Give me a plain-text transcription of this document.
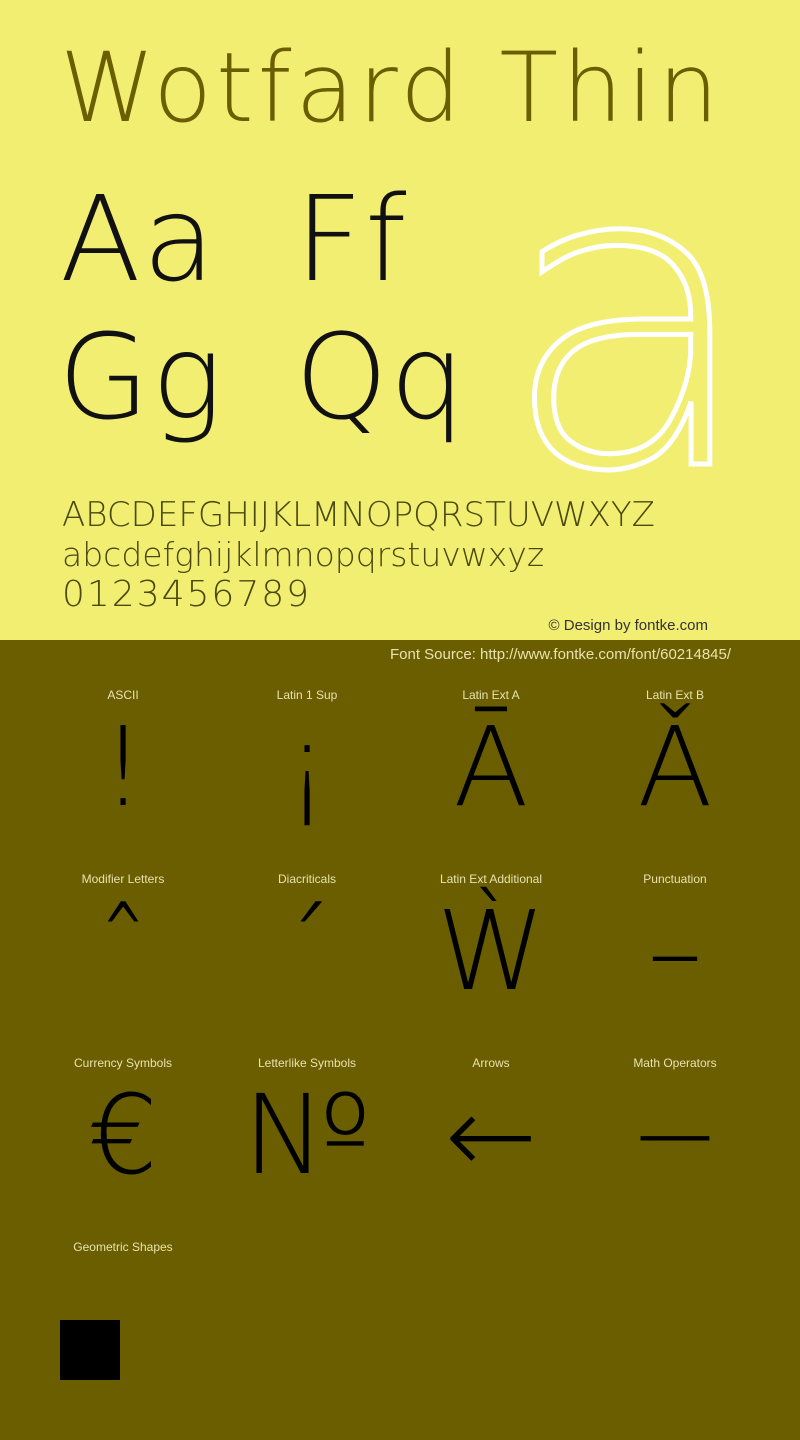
Wotfard Thin
Aa Ff
Gg Qq a
ABCDEFGHIJKLMNOPQRSTUVWXYZ
abcdefghijklmnopqrstuvwxyz
0123456789
© Design by fontke.com
Font Source: http://www.fontke.com/font/60214845/
ASCII
!
Latin 1 Sup
¡
Latin Ext A
Ā
Latin Ext B
Ǎ
Modifier Letters
ˆ
Diacriticals
ˊ
Latin Ext Additional
Ẁ
Punctuation
–
Currency Symbols
€
Letterlike Symbols
№
Arrows
←
Math Operators
−
Geometric Shapes
